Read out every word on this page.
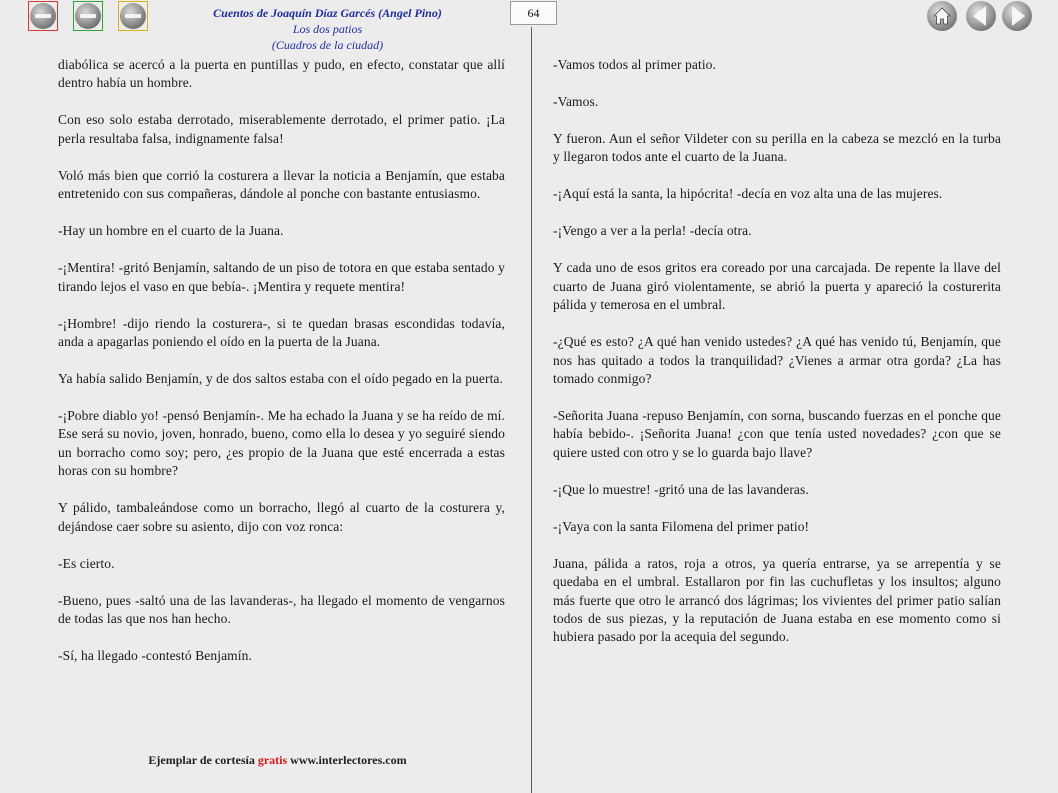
Cuentos de Joaquín Díaz Garcés (Angel Pino)
Los dos patios
(Cuadros de la ciudad)
64

diabólica se acercó a la puerta en puntillas y pudo, en efecto, constatar que allí dentro había un hombre.

Con eso solo estaba derrotado, miserablemente derrotado, el primer patio. ¡La perla resultaba falsa, indignamente falsa!

Voló más bien que corrió la costurera a llevar la noticia a Benjamín, que estaba entretenido con sus compañeras, dándole al ponche con bastante entusiasmo.

-Hay un hombre en el cuarto de la Juana.

-¡Mentira! -gritó Benjamín, saltando de un piso de totora en que estaba sentado y tirando lejos el vaso en que bebía-. ¡Mentira y requete mentira!

-¡Hombre! -dijo riendo la costurera-, si te quedan brasas escondidas todavía, anda a apagarlas poniendo el oído en la puerta de la Juana.

Ya había salido Benjamín, y de dos saltos estaba con el oído pegado en la puerta.

-¡Pobre diablo yo! -pensó Benjamín-. Me ha echado la Juana y se ha reído de mí. Ese será su novio, joven, honrado, bueno, como ella lo desea y yo seguiré siendo un borracho como soy; pero, ¿es propio de la Juana que esté encerrada a estas horas con su hombre?

Y pálido, tambaleándose como un borracho, llegó al cuarto de la costurera y, dejándose caer sobre su asiento, dijo con voz ronca:

-Es cierto.

-Bueno, pues -saltó una de las lavanderas-, ha llegado el momento de vengarnos de todas las que nos han hecho.

-Sí, ha llegado -contestó Benjamín.

-Vamos todos al primer patio.

-Vamos.

Y fueron. Aun el señor Vildeter con su perilla en la cabeza se mezcló en la turba y llegaron todos ante el cuarto de la Juana.

-¡Aquí está la santa, la hipócrita! -decía en voz alta una de las mujeres.

-¡Vengo a ver a la perla! -decía otra.

Y cada uno de esos gritos era coreado por una carcajada. De repente la llave del cuarto de Juana giró violentamente, se abrió la puerta y apareció la costurerita pálida y temerosa en el umbral.

-¿Qué es esto? ¿A qué han venido ustedes? ¿A qué has venido tú, Benjamín, que nos has quitado a todos la tranquilidad? ¿Vienes a armar otra gorda? ¿La has tomado conmigo?

-Señorita Juana -repuso Benjamín, con sorna, buscando fuerzas en el ponche que había bebido-. ¡Señorita Juana! ¿con que tenía usted novedades? ¿con que se quiere usted con otro y se lo guarda bajo llave?

-¡Que lo muestre! -gritó una de las lavanderas.

-¡Vaya con la santa Filomena del primer patio!

Juana, pálida a ratos, roja a otros, ya quería entrarse, ya se arrepentía y se quedaba en el umbral. Estallaron por fin las cuchufletas y los insultos; alguno más fuerte que otro le arrancó dos lágrimas; los vivientes del primer patio salían todos de sus piezas, y la reputación de Juana estaba en ese momento como si hubiera pasado por la acequia del segundo.

Ejemplar de cortesía gratis www.interlectores.com
